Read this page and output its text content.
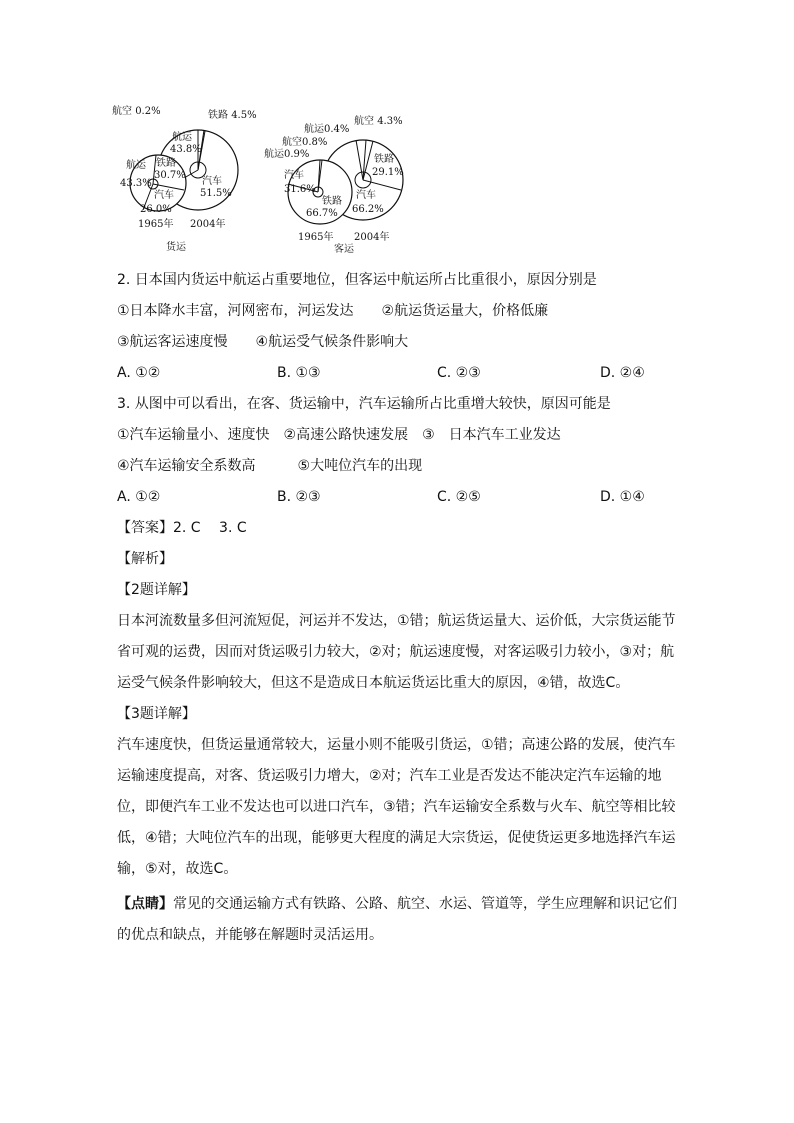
航空 0.2%	铁路 4.5%
航运
43.8%
汽车
51.5%
航运
43.3%
铁路
30.7%
汽车
26.0%
1965年 2004年
货运
航运0.4%
航空 4.3%
航空0.8%
航运0.9%	铁路
29.1%
汽车
31.6%
铁路
66.7%
汽车
66.2%
1965年 2004年
客运
2. 日本国内货运中航运占重要地位，但客运中航运所占比重很小，原因分别是
①日本降水丰富，河网密布，河运发达　　②航运货运量大，价格低廉
③航运客运速度慢　　④航运受气候条件影响大
A. ①②	B. ①③	C. ②③	D. ②④
3. 从图中可以看出，在客、货运输中，汽车运输所占比重增大较快，原因可能是
①汽车运输量小、速度快　②高速公路快速发展　③　日本汽车工业发达
④汽车运输安全系数高　　　⑤大吨位汽车的出现
A. ①②	B. ②③	C. ②⑤	D. ①④
【答案】2. C　 3. C
【解析】
【2题详解】
日本河流数量多但河流短促，河运并不发达，①错；航运货运量大、运价低，大宗货运能节省可观的运费，因而对货运吸引力较大，②对；航运速度慢，对客运吸引力较小，③对；航运受气候条件影响较大，但这不是造成日本航运货运比重大的原因，④错，故选C。
【3题详解】
汽车速度快，但货运量通常较大，运量小则不能吸引货运，①错；高速公路的发展，使汽车运输速度提高，对客、货运吸引力增大，②对；汽车工业是否发达不能决定汽车运输的地位，即便汽车工业不发达也可以进口汽车，③错；汽车运输安全系数与火车、航空等相比较低，④错；大吨位汽车的出现，能够更大程度的满足大宗货运，促使货运更多地选择汽车运输，⑤对，故选C。
【点睛】常见的交通运输方式有铁路、公路、航空、水运、管道等，学生应理解和识记它们的优点和缺点，并能够在解题时灵活运用。
